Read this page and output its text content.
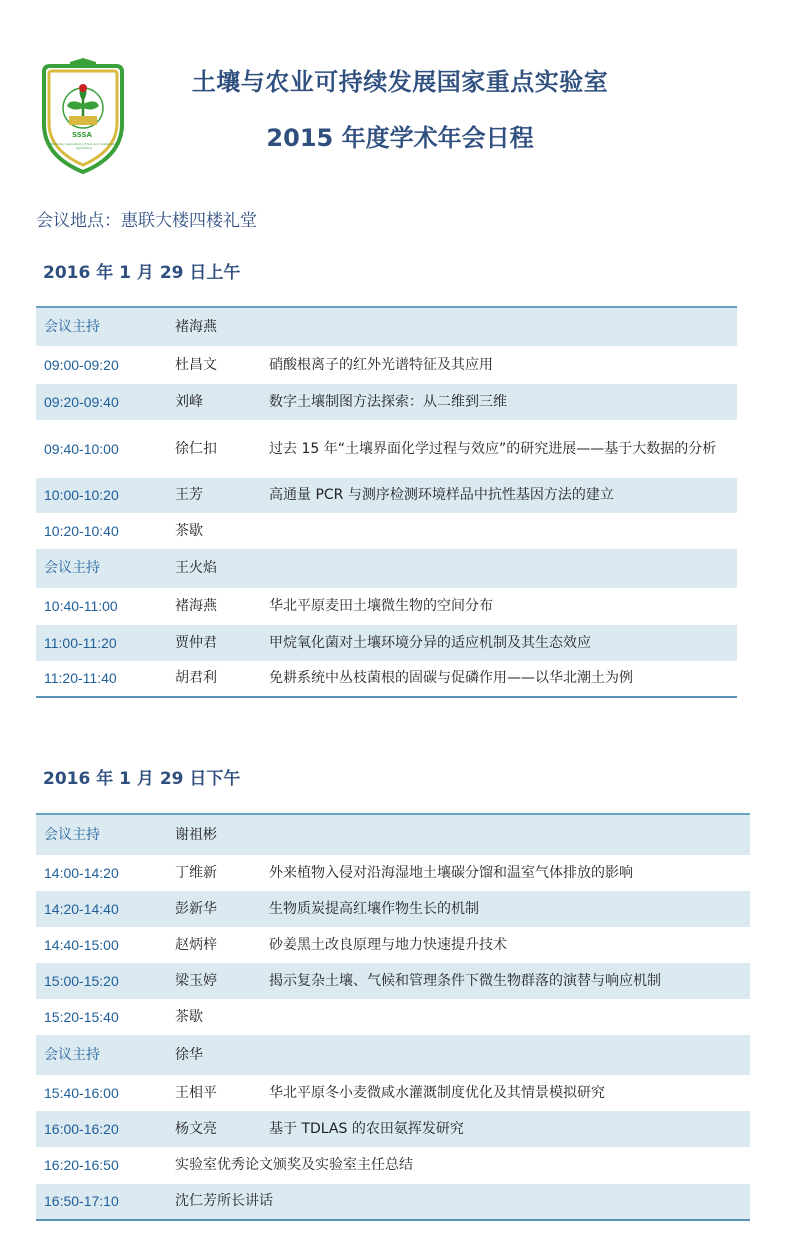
SSSA
State Key Laboratory of Soil and Sustainable Agriculture
土壤与农业可持续发展国家重点实验室
2015 年度学术年会日程
会议地点：惠联大楼四楼礼堂
2016 年 1 月 29 日上午
会议主持	褚海燕	
09:00-09:20	杜昌文	硝酸根离子的红外光谱特征及其应用
09:20-09:40	刘峰	数字土壤制图方法探索：从二维到三维
09:40-10:00	徐仁扣	过去 15 年“土壤界面化学过程与效应”的研究进展——基于大数据的分析
10:00-10:20	王芳	高通量 PCR 与测序检测环境样品中抗性基因方法的建立
10:20-10:40	茶歇	
会议主持	王火焰	
10:40-11:00	褚海燕	华北平原麦田土壤微生物的空间分布
11:00-11:20	贾仲君	甲烷氧化菌对土壤环境分异的适应机制及其生态效应
11:20-11:40	胡君利	免耕系统中丛枝菌根的固碳与促磷作用——以华北潮土为例
2016 年 1 月 29 日下午
会议主持	谢祖彬	
14:00-14:20	丁维新	外来植物入侵对沿海湿地土壤碳分馏和温室气体排放的影响
14:20-14:40	彭新华	生物质炭提高红壤作物生长的机制
14:40-15:00	赵炳梓	砂姜黑土改良原理与地力快速提升技术
15:00-15:20	梁玉婷	揭示复杂土壤、气候和管理条件下微生物群落的演替与响应机制
15:20-15:40	茶歇	
会议主持	徐华	
15:40-16:00	王相平	华北平原冬小麦微咸水灌溉制度优化及其情景模拟研究
16:00-16:20	杨文亮	基于 TDLAS 的农田氨挥发研究
16:20-16:50	实验室优秀论文颁奖及实验室主任总结	
16:50-17:10	沈仁芳所长讲话	
